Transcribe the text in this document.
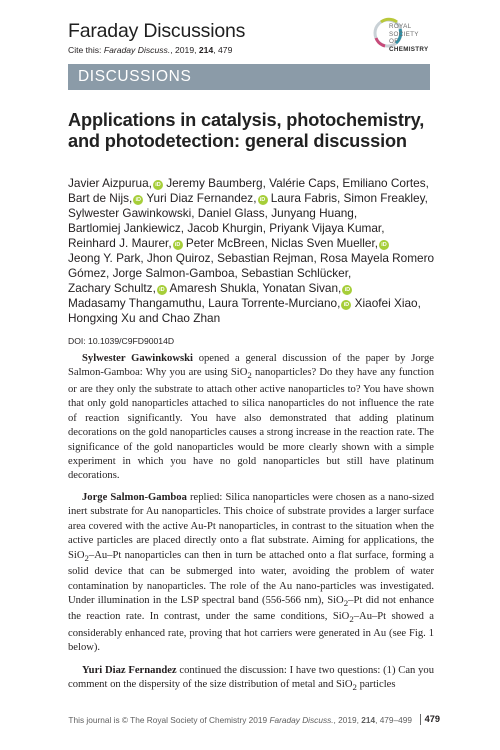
Faraday Discussions
Cite this: Faraday Discuss., 2019, 214, 479
ROYAL SOCIETY
OF CHEMISTRY
DISCUSSIONS
Applications in catalysis, photochemistry, and photodetection: general discussion
Javier Aizpurua, iD Jeremy Baumberg, Valérie Caps, Emiliano Cortes,
Bart de Nijs, iD Yuri Diaz Fernandez, iD Laura Fabris, Simon Freakley,
Sylwester Gawinkowski, Daniel Glass, Junyang Huang,
Bartlomiej Jankiewicz, Jacob Khurgin, Priyank Vijaya Kumar,
Reinhard J. Maurer, iD Peter McBreen, Niclas Sven Mueller, iD
Jeong Y. Park, Jhon Quiroz, Sebastian Rejman, Rosa Mayela Romero
Gómez, Jorge Salmon-Gamboa, Sebastian Schlücker,
Zachary Schultz, iD Amaresh Shukla, Yonatan Sivan, iD
Madasamy Thangamuthu, Laura Torrente-Murciano, iD Xiaofei Xiao,
Hongxing Xu and Chao Zhan
DOI: 10.1039/C9FD90014D

Sylwester Gawinkowski opened a general discussion of the paper by Jorge Salmon-Gamboa: Why you are using SiO$_2$ nanoparticles? Do they have any function or are they only the substrate to attach other active nanoparticles to? You have shown that only gold nanoparticles attached to silica nanoparticles do not influence the rate of reaction significantly. You have also demonstrated that adding platinum decorations on the gold nanoparticles causes a strong increase in the reaction rate. The significance of the gold nanoparticles would be more clearly shown with a simple experiment in which you have no gold nanoparticles but still have platinum decorations.

Jorge Salmon-Gamboa replied: Silica nanoparticles were chosen as a nano-sized inert substrate for Au nanoparticles. This choice of substrate provides a larger surface area covered with the active Au-Pt nanoparticles, in contrast to the situation when the active particles are placed directly onto a flat substrate. Aiming for applications, the SiO$_2$–Au–Pt nanoparticles can then in turn be attached onto a flat surface, forming a solid device that can be submerged into water, avoiding the problem of water contamination by nanoparticles. The role of the Au nano-particles was investigated. Under illumination in the LSP spectral band (556-566 nm), SiO$_2$–Pt did not enhance the reaction rate. In contrast, under the same conditions, SiO$_2$–Au–Pt showed a considerably enhanced rate, proving that hot carriers were generated in Au (see Fig. 1 below).

Yuri Diaz Fernandez continued the discussion: I have two questions: (1) Can you comment on the dispersity of the size distribution of metal and SiO$_2$ particles

This journal is © The Royal Society of Chemistry 2019 Faraday Discuss., 2019, 214, 479–499 479
